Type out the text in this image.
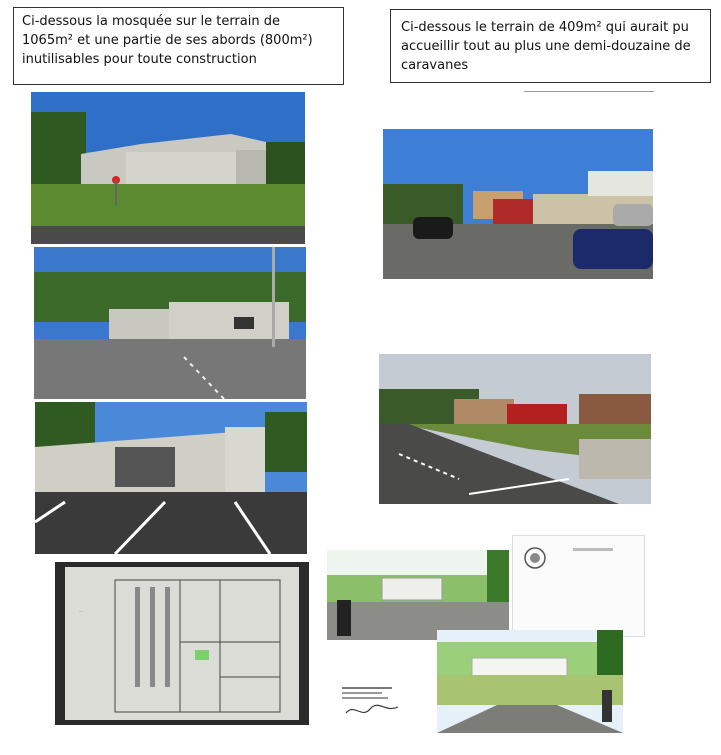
Ci-dessous la mosquée sur le terrain de 1065m² et une partie de ses abords (800m²) inutilisables pour toute construction
Ci-dessous le terrain de 409m² qui aurait pu accueillir tout au plus une demi-douzaine de caravanes
...
